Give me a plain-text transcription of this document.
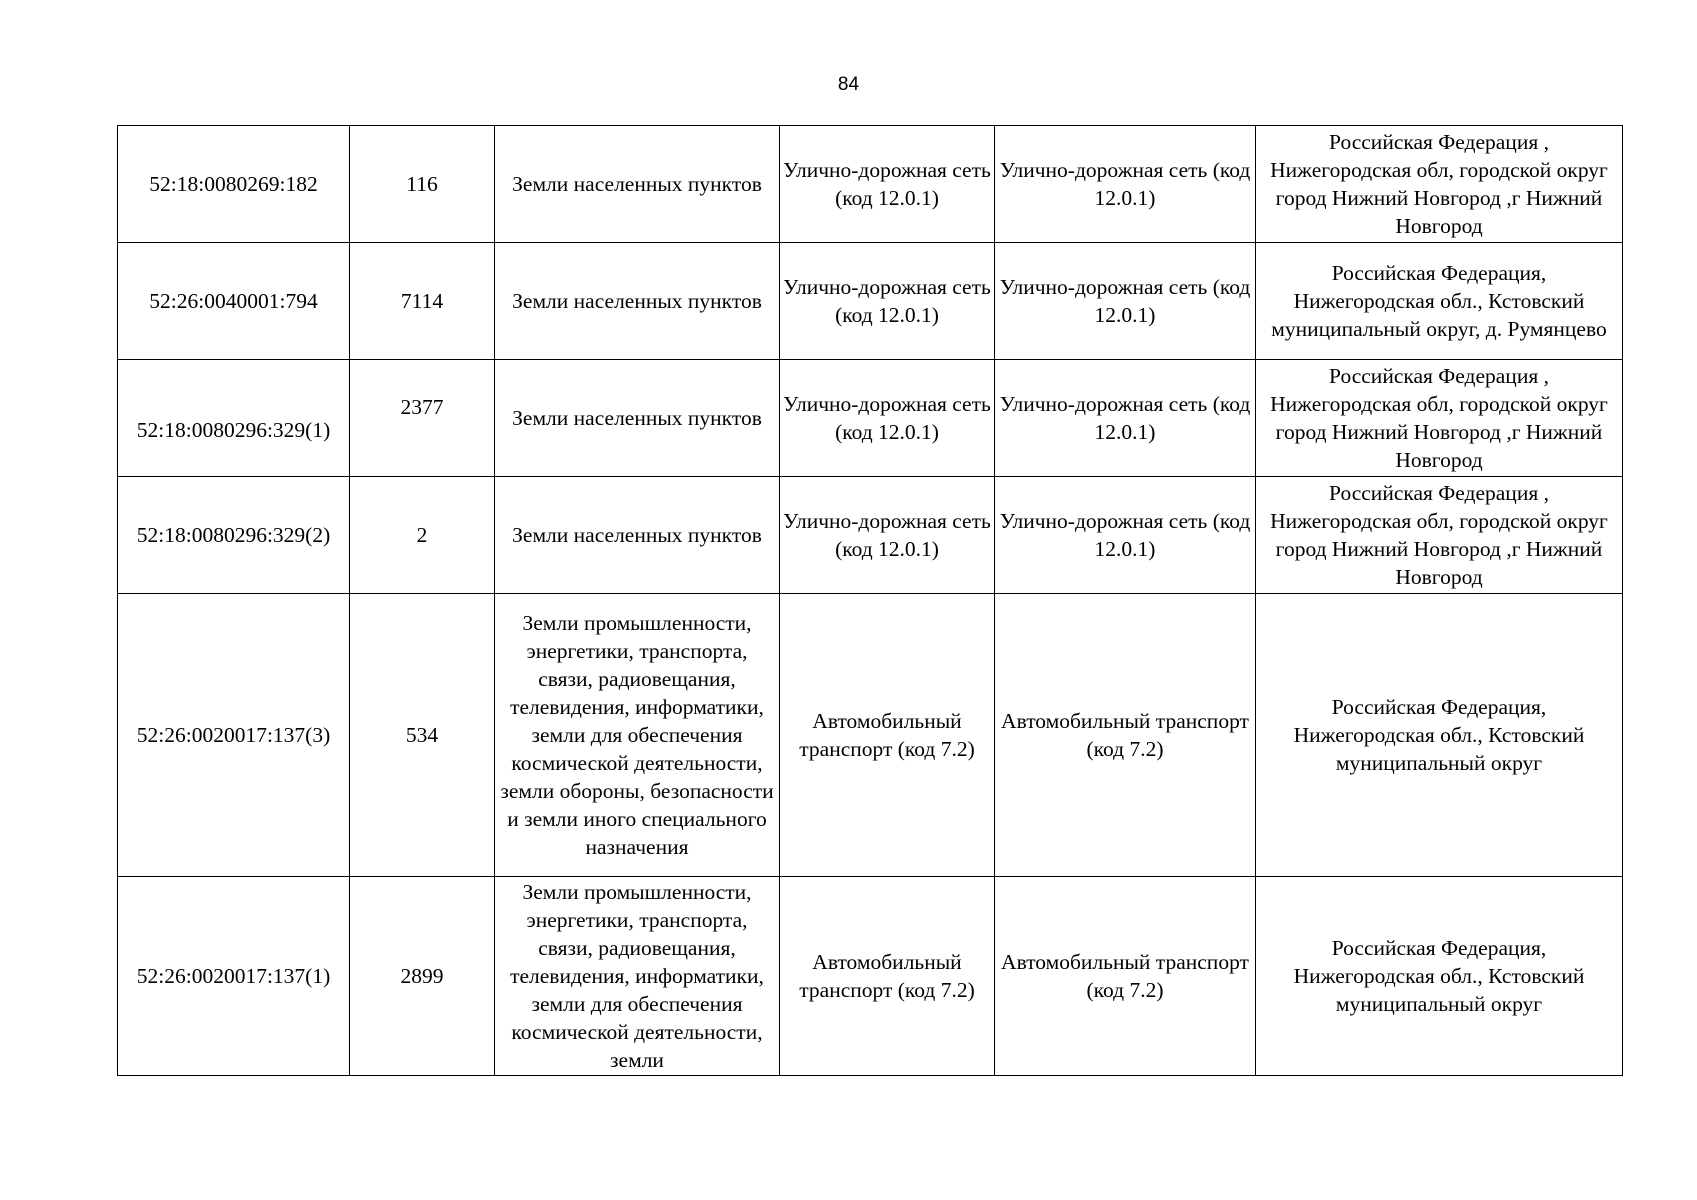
84
52:18:0080269:182	116	Земли населенных пунктов	Улично-дорожная сеть (код 12.0.1)	Улично-дорожная сеть (код 12.0.1)	Российская Федерация , Нижегородская обл, городской округ город Нижний Новгород ,г Нижний Новгород
52:26:0040001:794	7114	Земли населенных пунктов	Улично-дорожная сеть (код 12.0.1)	Улично-дорожная сеть (код 12.0.1)	Российская Федерация, Нижегородская обл., Кстовский муниципальный округ, д. Румянцево
52:18:0080296:329(1)	2377	Земли населенных пунктов	Улично-дорожная сеть (код 12.0.1)	Улично-дорожная сеть (код 12.0.1)	Российская Федерация , Нижегородская обл, городской округ город Нижний Новгород ,г Нижний Новгород
52:18:0080296:329(2)	2	Земли населенных пунктов	Улично-дорожная сеть (код 12.0.1)	Улично-дорожная сеть (код 12.0.1)	Российская Федерация , Нижегородская обл, городской округ город Нижний Новгород ,г Нижний Новгород
52:26:0020017:137(3)	534	Земли промышленности, энергетики, транспорта, связи, радиовещания, телевидения, информатики, земли для обеспечения космической деятельности, земли обороны, безопасности и земли иного специального назначения	Автомобильный транспорт (код 7.2)	Автомобильный транспорт (код 7.2)	Российская Федерация, Нижегородская обл., Кстовский муниципальный округ
52:26:0020017:137(1)	2899	Земли промышленности, энергетики, транспорта, связи, радиовещания, телевидения, информатики, земли для обеспечения космической деятельности, земли	Автомобильный транспорт (код 7.2)	Автомобильный транспорт (код 7.2)	Российская Федерация, Нижегородская обл., Кстовский муниципальный округ
